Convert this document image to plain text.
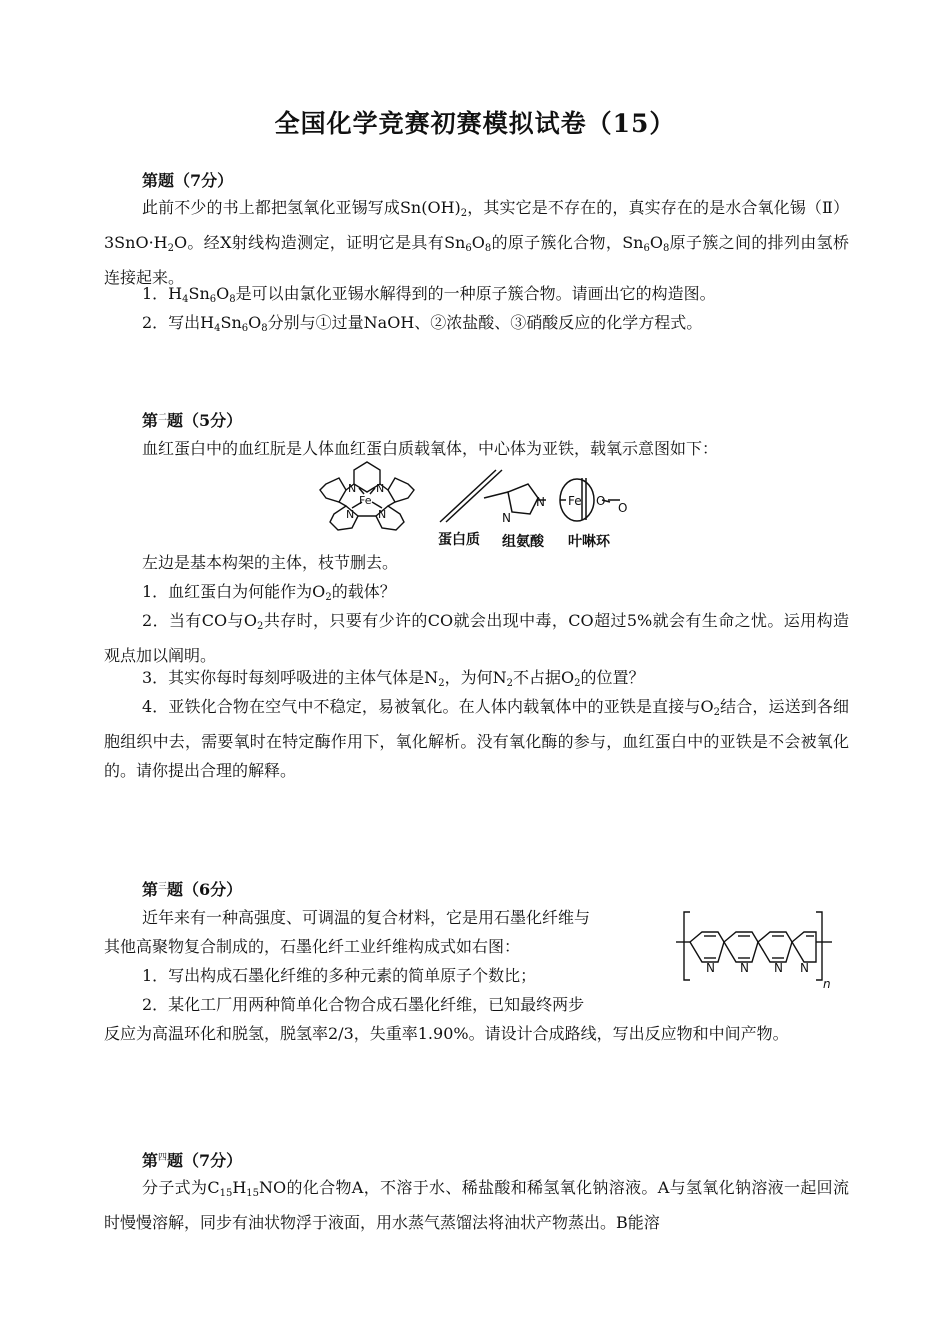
全国化学竞赛初赛模拟试卷（15）
第题（7分）
此前不少的书上都把氢氧化亚锡写成$Sn(OH)_2$，其实它是不存在的，真实存在的是水合氧化锡$(Ⅱ)3SnO\cdot H_2O$。经X射线构造测定，证明它是具有$Sn_6O_8$的原子簇化合物，$Sn_6O_8$原子簇之间的排列由氢桥连接起来。
1．$H_4Sn_6O_8$是可以由氯化亚锡水解得到的一种原子簇合物。请画出它的构造图。
2．写出$H_4Sn_6O_8$分别与①过量NaOH、②浓盐酸、③硝酸反应的化学方程式。
第$^二$题（5分）
血红蛋白中的血红朊是人体血红蛋白质载氧体，中心体为亚铁，载氧示意图如下：
N N
Fe
N N
N
N
Fe O O
蛋白质 组氨酸 叶啉环
左边是基本构架的主体，枝节删去。
1．血红蛋白为何能作为$O_2$的载体？
2．当有CO与$O_2$共存时，只要有少许的CO就会出现中毒，CO超过5%就会有生命之忧。运用构造观点加以阐明。
3．其实你每时每刻呼吸进的主体气体是$N_2$，为何$N_2$不占据$O_2$的位置？
4．亚铁化合物在空气中不稳定，易被氧化。在人体内载氧体中的亚铁是直接与$O_2$结合，运送到各细胞组织中去，需要氧时在特定酶作用下，氧化解析。没有氧化酶的参与，血红蛋白中的亚铁是不会被氧化的。请你提出合理的解释。
第$^三$题（6分）
近年来有一种高强度、可调温的复合材料，它是用石墨化纤维与
其他高聚物复合制成的，石墨化纤工业纤维构成式如右图：
1．写出构成石墨化纤维的多种元素的简单原子个数比；
2．某化工厂用两种简单化合物合成石墨化纤维，已知最终两步
反应为高温环化和脱氢，脱氢率2/3，失重率1.90%。请设计合成路线，写出反应物和中间产物。
N N N N
n
第$^四$题（7分）
分子式为$C_{15}H_{15}NO$的化合物A，不溶于水、稀盐酸和稀氢氧化钠溶液。A与氢氧化钠溶液一起回流时慢慢溶解，同步有油状物浮于液面，用水蒸气蒸馏法将油状产物蒸出。B能溶
